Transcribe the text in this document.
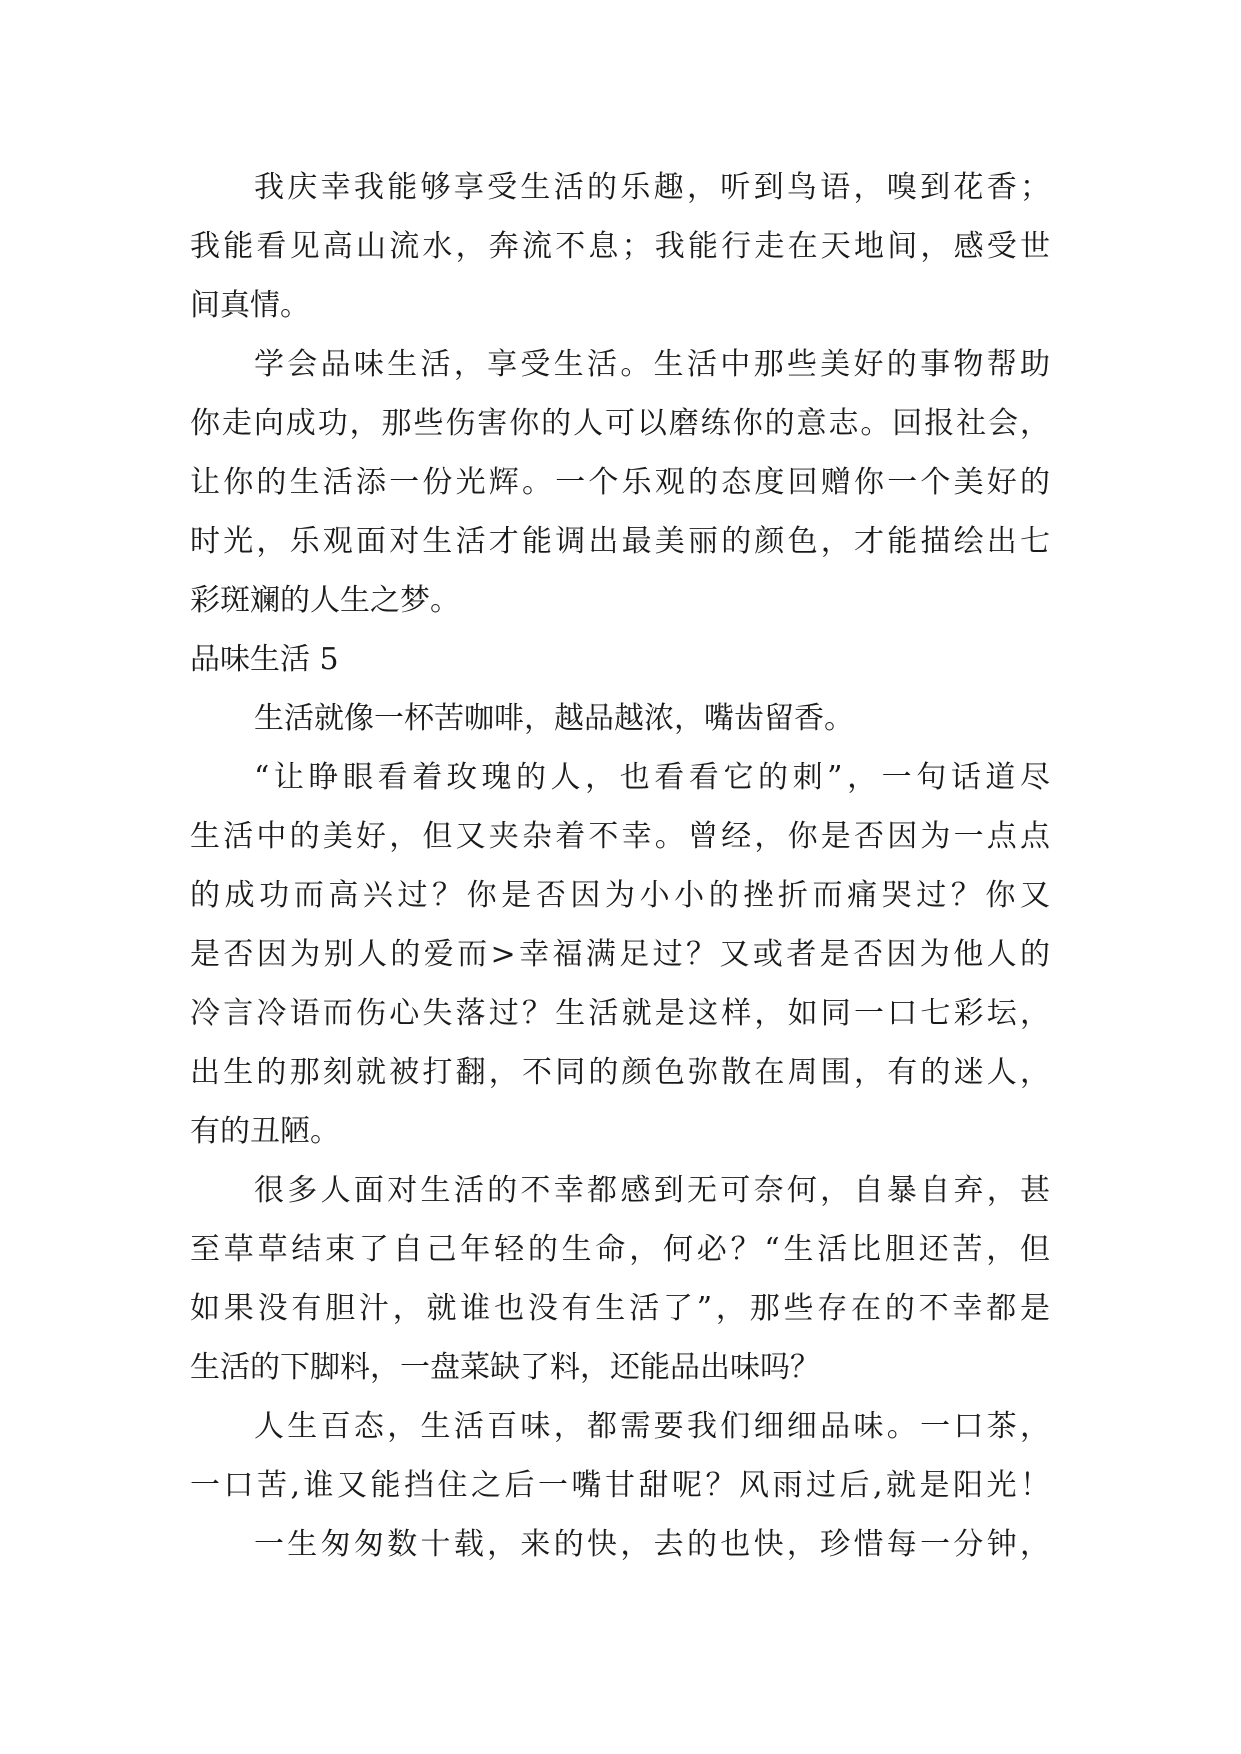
我庆幸我能够享受生活的乐趣，听到鸟语，嗅到花香；
我能看见高山流水，奔流不息；我能行走在天地间，感受世
间真情。
学会品味生活，享受生活。生活中那些美好的事物帮助
你走向成功，那些伤害你的人可以磨练你的意志。回报社会，
让你的生活添一份光辉。一个乐观的态度回赠你一个美好的
时光，乐观面对生活才能调出最美丽的颜色，才能描绘出七
彩斑斓的人生之梦。
品味生活 5
生活就像一杯苦咖啡，越品越浓，嘴齿留香。
“让睁眼看着玫瑰的人，也看看它的刺”，一句话道尽
生活中的美好，但又夹杂着不幸。曾经，你是否因为一点点
的成功而高兴过？你是否因为小小的挫折而痛哭过？你又
是否因为别人的爱而>幸福满足过？又或者是否因为他人的
冷言冷语而伤心失落过？生活就是这样，如同一口七彩坛，
出生的那刻就被打翻，不同的颜色弥散在周围，有的迷人，
有的丑陋。
很多人面对生活的不幸都感到无可奈何，自暴自弃，甚
至草草结束了自己年轻的生命，何必？“生活比胆还苦，但
如果没有胆汁，就谁也没有生活了”，那些存在的不幸都是
生活的下脚料，一盘菜缺了料，还能品出味吗？
人生百态，生活百味，都需要我们细细品味。一口茶，
一口苦,谁又能挡住之后一嘴甘甜呢？风雨过后,就是阳光！
一生匆匆数十载，来的快，去的也快，珍惜每一分钟，
